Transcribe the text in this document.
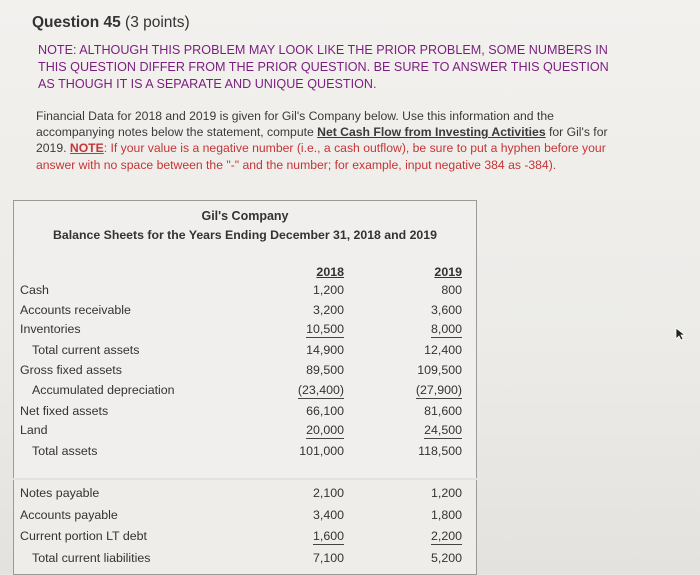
Question 45 (3 points)
NOTE: ALTHOUGH THIS PROBLEM MAY LOOK LIKE THE PRIOR PROBLEM, SOME NUMBERS IN THIS QUESTION DIFFER FROM THE PRIOR QUESTION. BE SURE TO ANSWER THIS QUESTION AS THOUGH IT IS A SEPARATE AND UNIQUE QUESTION.
Financial Data for 2018 and 2019 is given for Gil's Company below. Use this information and the accompanying notes below the statement, compute Net Cash Flow from Investing Activities for Gil's for 2019. NOTE: If your value is a negative number (i.e., a cash outflow), be sure to put a hyphen before your answer with no space between the "-" and the number; for example, input negative 384 as -384).
Gil's Company
Balance Sheets for the Years Ending December 31, 2018 and 2019
2018	2019
Cash	1,200	800
Accounts receivable	3,200	3,600
Inventories	10,500	8,000
Total current assets	14,900	12,400
Gross fixed assets	89,500	109,500
Accumulated depreciation	(23,400)	(27,900)
Net fixed assets	66,100	81,600
Land	20,000	24,500
Total assets	101,000	118,500
Notes payable	2,100	1,200
Accounts payable	3,400	1,800
Current portion LT debt	1,600	2,200
Total current liabilities	7,100	5,200
